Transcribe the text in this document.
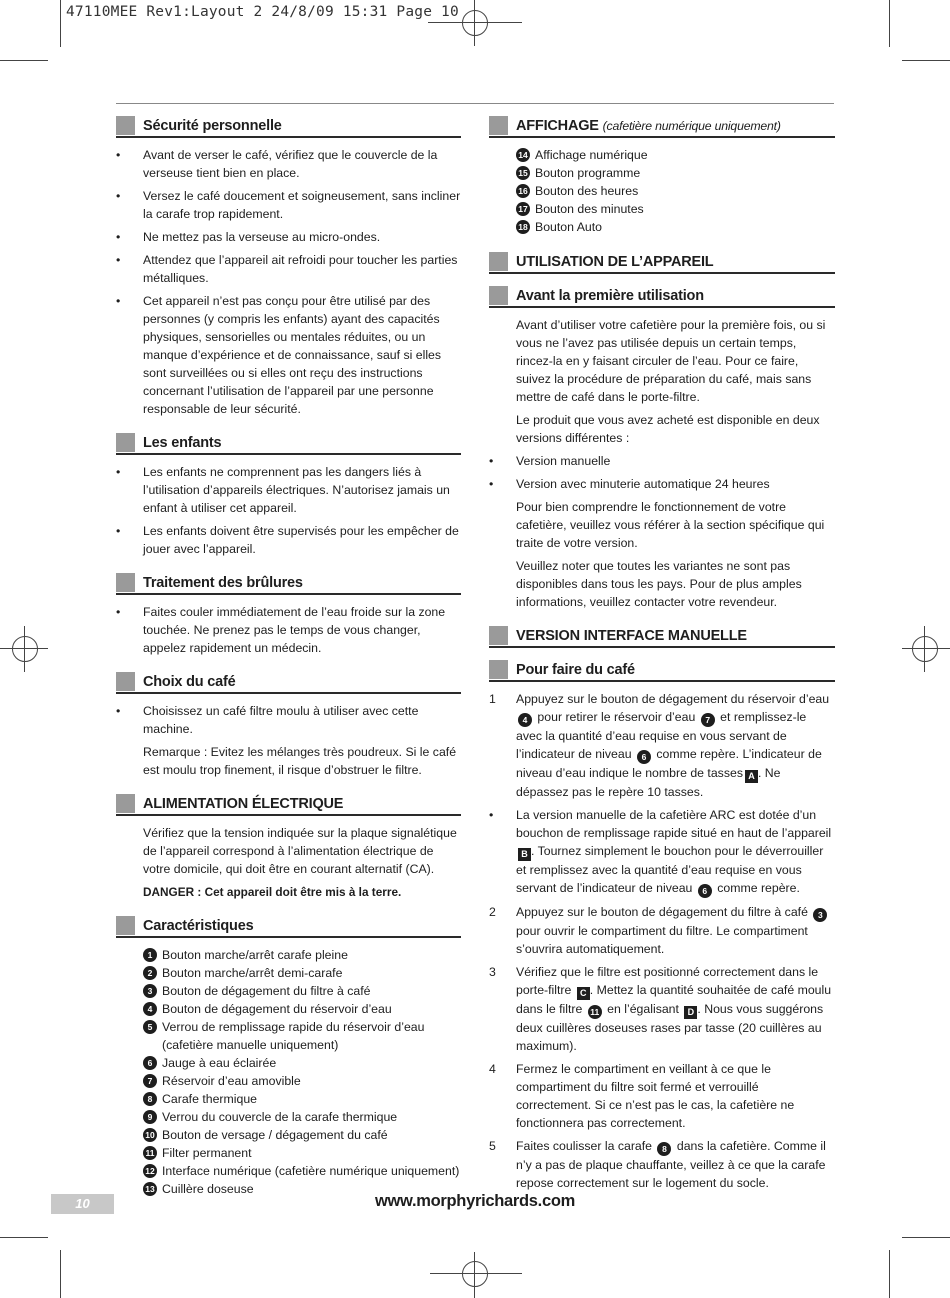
47110MEE Rev1:Layout 2 24/8/09 15:31 Page 10
Sécurité personnelle
• Avant de verser le café, vérifiez que le couvercle de la verseuse tient bien en place.
• Versez le café doucement et soigneusement, sans incliner la carafe trop rapidement.
• Ne mettez pas la verseuse au micro-ondes.
• Attendez que l’appareil ait refroidi pour toucher les parties métalliques.
• Cet appareil n’est pas conçu pour être utilisé par des personnes (y compris les enfants) ayant des capacités physiques, sensorielles ou mentales réduites, ou un manque d’expérience et de connaissance, sauf si elles sont surveillées ou si elles ont reçu des instructions concernant l’utilisation de l’appareil par une personne responsable de leur sécurité.
Les enfants
• Les enfants ne comprennent pas les dangers liés à l’utilisation d’appareils électriques. N’autorisez jamais un enfant à utiliser cet appareil.
• Les enfants doivent être supervisés pour les empêcher de jouer avec l’appareil.
Traitement des brûlures
• Faites couler immédiatement de l’eau froide sur la zone touchée. Ne prenez pas le temps de vous changer, appelez rapidement un médecin.
Choix du café
• Choisissez un café filtre moulu à utiliser avec cette machine.
Remarque : Evitez les mélanges très poudreux. Si le café est moulu trop finement, il risque d’obstruer le filtre.
ALIMENTATION ÉLECTRIQUE
Vérifiez que la tension indiquée sur la plaque signalétique de l’appareil correspond à l’alimentation électrique de votre domicile, qui doit être en courant alternatif (CA).
DANGER : Cet appareil doit être mis à la terre.
Caractéristiques
1 Bouton marche/arrêt carafe pleine
2 Bouton marche/arrêt demi-carafe
3 Bouton de dégagement du filtre à café
4 Bouton de dégagement du réservoir d’eau
5 Verrou de remplissage rapide du réservoir d’eau (cafetière manuelle uniquement)
6 Jauge à eau éclairée
7 Réservoir d’eau amovible
8 Carafe thermique
9 Verrou du couvercle de la carafe thermique
10 Bouton de versage / dégagement du café
11 Filter permanent
12 Interface numérique (cafetière numérique uniquement)
13 Cuillère doseuse
AFFICHAGE (cafetière numérique uniquement)
14 Affichage numérique
15 Bouton programme
16 Bouton des heures
17 Bouton des minutes
18 Bouton Auto
UTILISATION DE L’APPAREIL
Avant la première utilisation
Avant d’utiliser votre cafetière pour la première fois, ou si vous ne l’avez pas utilisée depuis un certain temps, rincez-la en y faisant circuler de l’eau. Pour ce faire, suivez la procédure de préparation du café, mais sans mettre de café dans le porte-filtre.
Le produit que vous avez acheté est disponible en deux versions différentes :
• Version manuelle
• Version avec minuterie automatique 24 heures
Pour bien comprendre le fonctionnement de votre cafetière, veuillez vous référer à la section spécifique qui traite de votre version.
Veuillez noter que toutes les variantes ne sont pas disponibles dans tous les pays. Pour de plus amples informations, veuillez contacter votre revendeur.
VERSION INTERFACE MANUELLE
Pour faire du café
1 Appuyez sur le bouton de dégagement du réservoir d’eau 4 pour retirer le réservoir d’eau 7 et remplissez-le avec la quantité d’eau requise en vous servant de l’indicateur de niveau 6 comme repère. L’indicateur de niveau d’eau indique le nombre de tasses A . Ne dépassez pas le repère 10 tasses.
• La version manuelle de la cafetière ARC est dotée d’un bouchon de remplissage rapide situé en haut de l’appareil B . Tournez simplement le bouchon pour le déverrouiller et remplissez avec la quantité d’eau requise en vous servant de l’indicateur de niveau 6 comme repère.
2 Appuyez sur le bouton de dégagement du filtre à café 3 pour ouvrir le compartiment du filtre. Le compartiment s’ouvrira automatiquement.
3 Vérifiez que le filtre est positionné correctement dans le porte-filtre C . Mettez la quantité souhaitée de café moulu dans le filtre 11 en l’égalisant D . Nous vous suggérons deux cuillères doseuses rases par tasse (20 cuillères au maximum).
4 Fermez le compartiment en veillant à ce que le compartiment du filtre soit fermé et verrouillé correctement. Si ce n’est pas le cas, la cafetière ne fonctionnera pas correctement.
5 Faites coulisser la carafe 8 dans la cafetière. Comme il n’y a pas de plaque chauffante, veillez à ce que la carafe repose correctement sur le logement du socle.
10	www.morphyrichards.com
